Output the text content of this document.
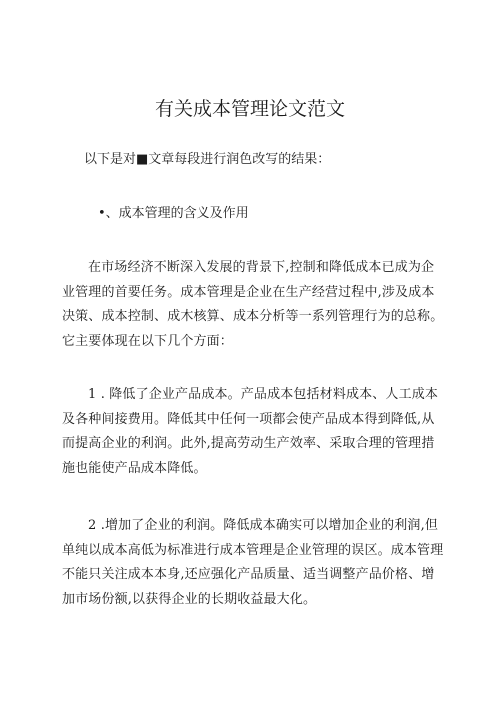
有关成本管理论文范文

以下是对■文章每段进行润色改写的结果：

•、成本管理的含义及作用

在市场经济不断深入发展的背景下,控制和降低成本已成为企业管理的首要任务。成本管理是企业在生产经营过程中,涉及成本决策、成本控制、成木核算、成本分析等一系列管理行为的总称。它主要体现在以下几个方面：

1 . 降低了企业产品成本。产品成本包括材料成本、人工成本及各种间接费用。降低其中任何一项都会使产品成本得到降低,从而提高企业的利润。此外,提高劳动生产效率、采取合理的管理措施也能使产品成本降低。

2 .增加了企业的利润。降低成本确实可以增加企业的利润,但单纯以成本高低为标准进行成本管理是企业管理的误区。成本管理不能只关注成本本身,还应强化产品质量、适当调整产品价格、增加市场份额,以获得企业的长期收益最大化。
